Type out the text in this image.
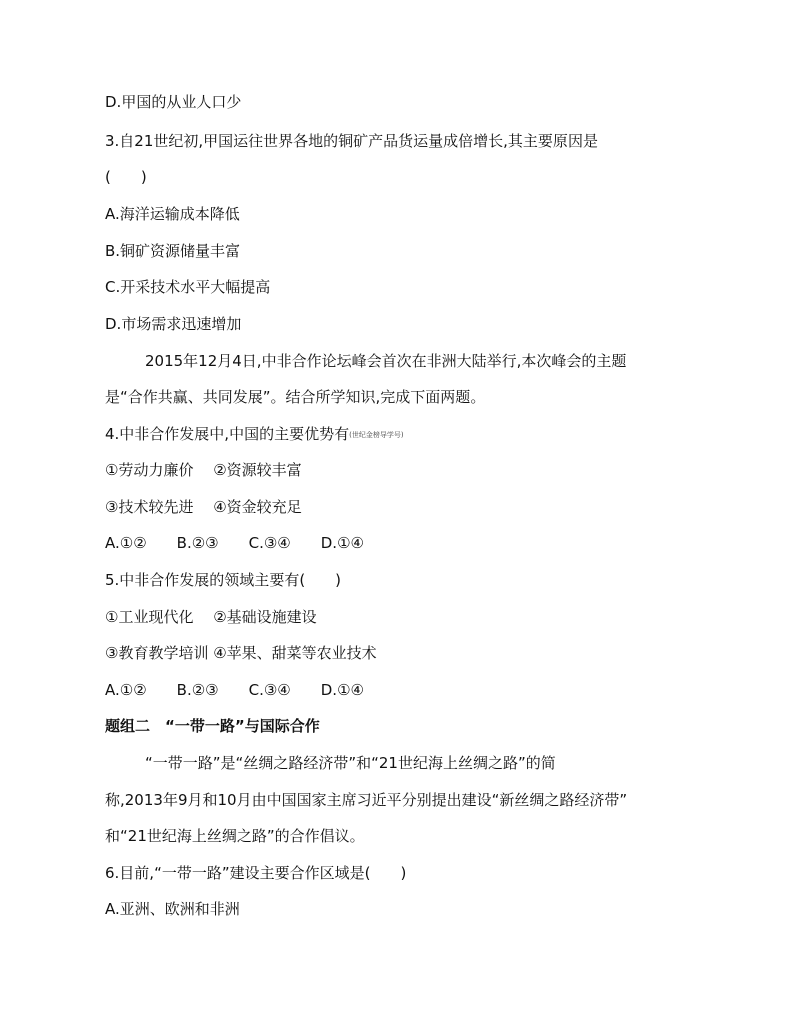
D.甲国的从业人口少

3.自21世纪初,甲国运往世界各地的铜矿产品货运量成倍增长,其主要原因是

(　　)

A.海洋运输成本降低

B.铜矿资源储量丰富

C.开采技术水平大幅提高

D.市场需求迅速增加

2015年12月4日,中非合作论坛峰会首次在非洲大陆举行,本次峰会的主题

是“合作共赢、共同发展”。结合所学知识,完成下面两题。

4.中非合作发展中,中国的主要优势有(世纪金榜导学号)

①劳动力廉价　 ②资源较丰富

③技术较先进　 ④资金较充足

A.①②　　B.②③　　C.③④　　D.①④

5.中非合作发展的领域主要有(　　)

①工业现代化　 ②基础设施建设

③教育教学培训 ④苹果、甜菜等农业技术

A.①②　　B.②③　　C.③④　　D.①④

题组二　“一带一路”与国际合作

“一带一路”是“丝绸之路经济带”和“21世纪海上丝绸之路”的简

称,2013年9月和10月由中国国家主席习近平分别提出建设“新丝绸之路经济带”

和“21世纪海上丝绸之路”的合作倡议。

6.目前,“一带一路”建设主要合作区域是(　　)

A.亚洲、欧洲和非洲
